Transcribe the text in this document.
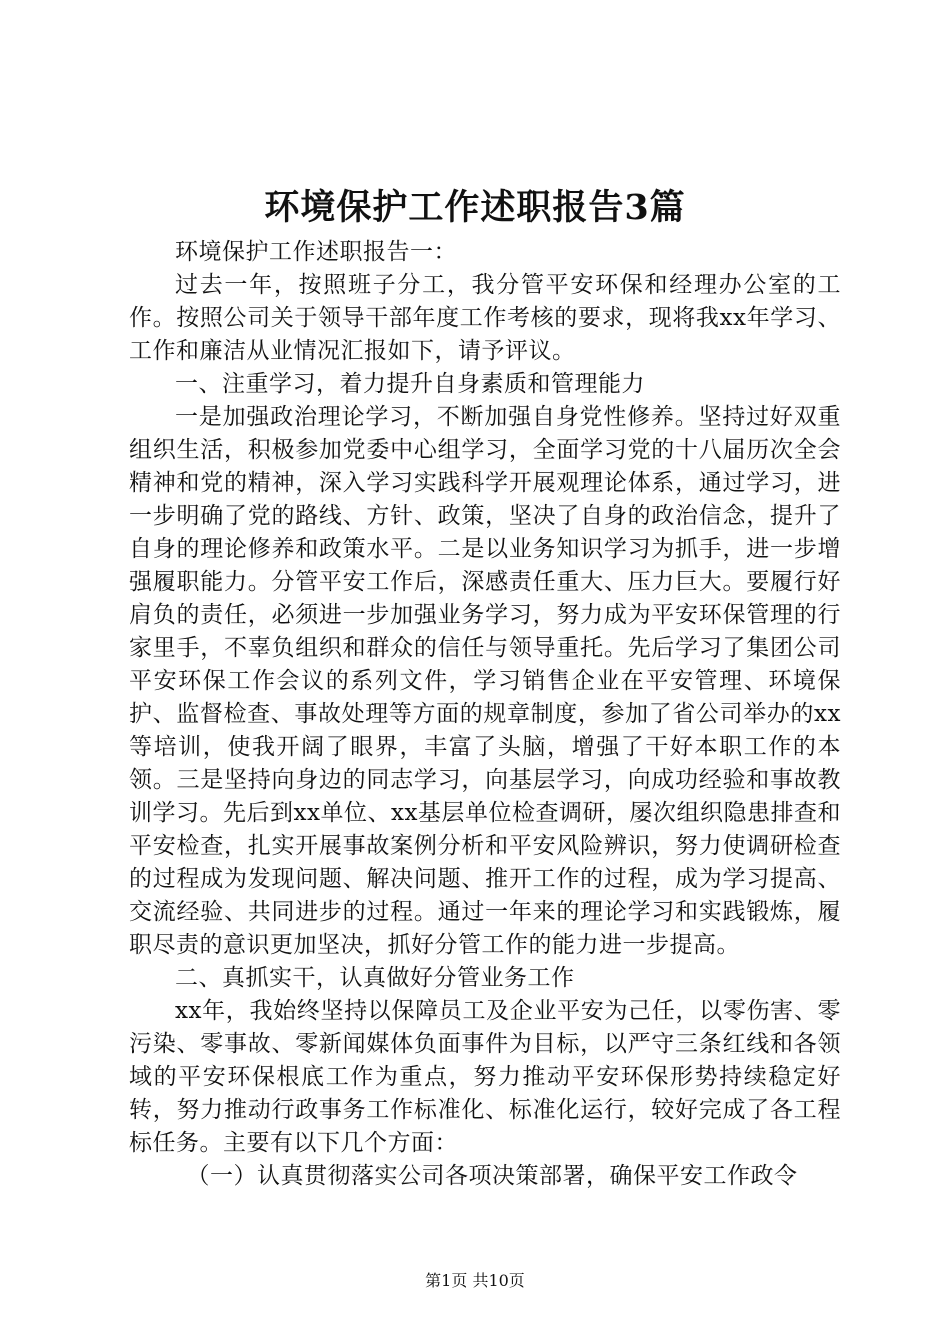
环境保护工作述职报告3篇

环境保护工作述职报告一：

过去一年，按照班子分工，我分管平安环保和经理办公室的工作。按照公司关于领导干部年度工作考核的要求，现将我xx年学习、工作和廉洁从业情况汇报如下，请予评议。

一、注重学习，着力提升自身素质和管理能力

一是加强政治理论学习，不断加强自身党性修养。坚持过好双重组织生活，积极参加党委中心组学习，全面学习党的十八届历次全会精神和党的精神，深入学习实践科学开展观理论体系，通过学习，进一步明确了党的路线、方针、政策，坚决了自身的政治信念，提升了自身的理论修养和政策水平。二是以业务知识学习为抓手，进一步增强履职能力。分管平安工作后，深感责任重大、压力巨大。要履行好肩负的责任，必须进一步加强业务学习，努力成为平安环保管理的行家里手，不辜负组织和群众的信任与领导重托。先后学习了集团公司平安环保工作会议的系列文件，学习销售企业在平安管理、环境保护、监督检查、事故处理等方面的规章制度，参加了省公司举办的xx等培训，使我开阔了眼界，丰富了头脑，增强了干好本职工作的本领。三是坚持向身边的同志学习，向基层学习，向成功经验和事故教训学习。先后到xx单位、xx基层单位检查调研，屡次组织隐患排查和平安检查，扎实开展事故案例分析和平安风险辨识，努力使调研检查的过程成为发现问题、解决问题、推开工作的过程，成为学习提高、交流经验、共同进步的过程。通过一年来的理论学习和实践锻炼，履职尽责的意识更加坚决，抓好分管工作的能力进一步提高。

二、真抓实干，认真做好分管业务工作

xx年，我始终坚持以保障员工及企业平安为己任，以零伤害、零污染、零事故、零新闻媒体负面事件为目标，以严守三条红线和各领域的平安环保根底工作为重点，努力推动平安环保形势持续稳定好转，努力推动行政事务工作标准化、标准化运行，较好完成了各工程标任务。主要有以下几个方面：

（一）认真贯彻落实公司各项决策部署，确保平安工作政令

第1页 共10页
